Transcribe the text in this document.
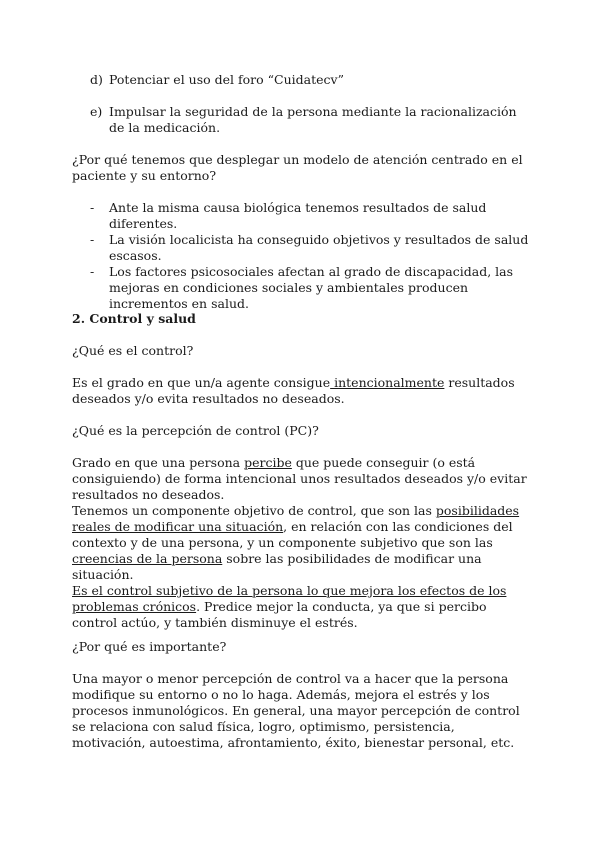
d) Potenciar el uso del foro “Cuidatecv”
e) Impulsar la seguridad de la persona mediante la racionalización de la medicación.

¿Por qué tenemos que desplegar un modelo de atención centrado en el paciente y su entorno?

-	Ante la misma causa biológica tenemos resultados de salud diferentes.
-	La visión localicista ha conseguido objetivos y resultados de salud escasos.
-	Los factores psicosociales afectan al grado de discapacidad, las mejoras en condiciones sociales y ambientales producen incrementos en salud.

2. Control y salud

¿Qué es el control?

Es el grado en que un/a agente consigue intencionalmente resultados deseados y/o evita resultados no deseados.

¿Qué es la percepción de control (PC)?

Grado en que una persona percibe que puede conseguir (o está consiguiendo) de forma intencional unos resultados deseados y/o evitar resultados no deseados.

Tenemos un componente objetivo de control, que son las posibilidades reales de modificar una situación, en relación con las condiciones del contexto y de una persona, y un componente subjetivo que son las creencias de la persona sobre las posibilidades de modificar una situación.

Es el control subjetivo de la persona lo que mejora los efectos de los problemas crónicos. Predice mejor la conducta, ya que si percibo control actúo, y también disminuye el estrés.

¿Por qué es importante?

Una mayor o menor percepción de control va a hacer que la persona modifique su entorno o no lo haga. Además, mejora el estrés y los procesos inmunológicos. En general, una mayor percepción de control se relaciona con salud física, logro, optimismo, persistencia, motivación, autoestima, afrontamiento, éxito, bienestar personal, etc.
